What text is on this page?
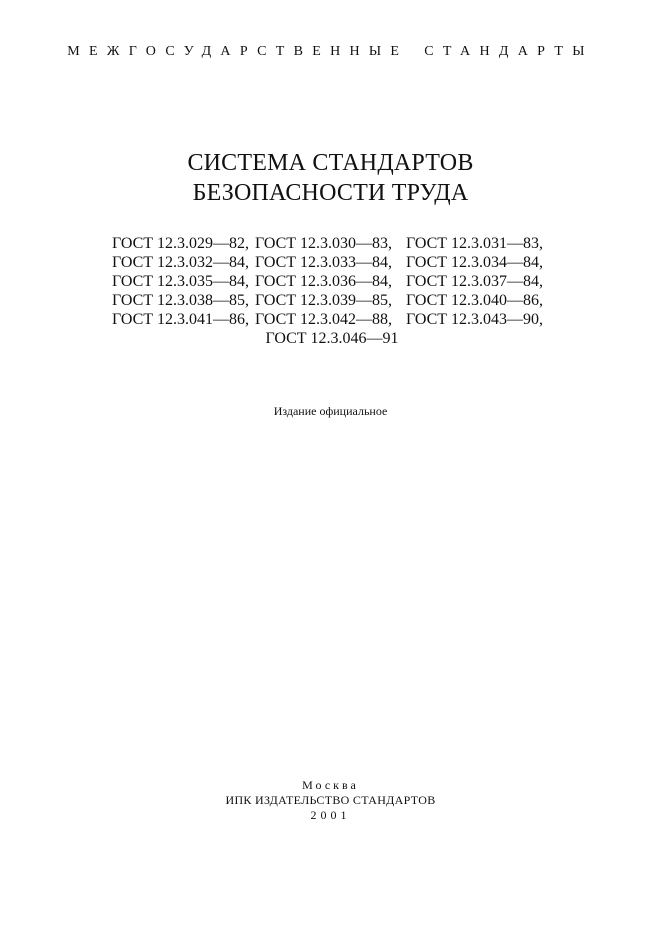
МЕЖГОСУДАРСТВЕННЫЕ СТАНДАРТЫ
СИСТЕМА СТАНДАРТОВ
БЕЗОПАСНОСТИ ТРУДА
ГОСТ 12.3.029—82, ГОСТ 12.3.030—83, ГОСТ 12.3.031—83,
ГОСТ 12.3.032—84, ГОСТ 12.3.033—84, ГОСТ 12.3.034—84,
ГОСТ 12.3.035—84, ГОСТ 12.3.036—84, ГОСТ 12.3.037—84,
ГОСТ 12.3.038—85, ГОСТ 12.3.039—85, ГОСТ 12.3.040—86,
ГОСТ 12.3.041—86, ГОСТ 12.3.042—88, ГОСТ 12.3.043—90,
ГОСТ 12.3.046—91
Издание официальное
Москва
ИПК ИЗДАТЕЛЬСТВО СТАНДАРТОВ
2001
